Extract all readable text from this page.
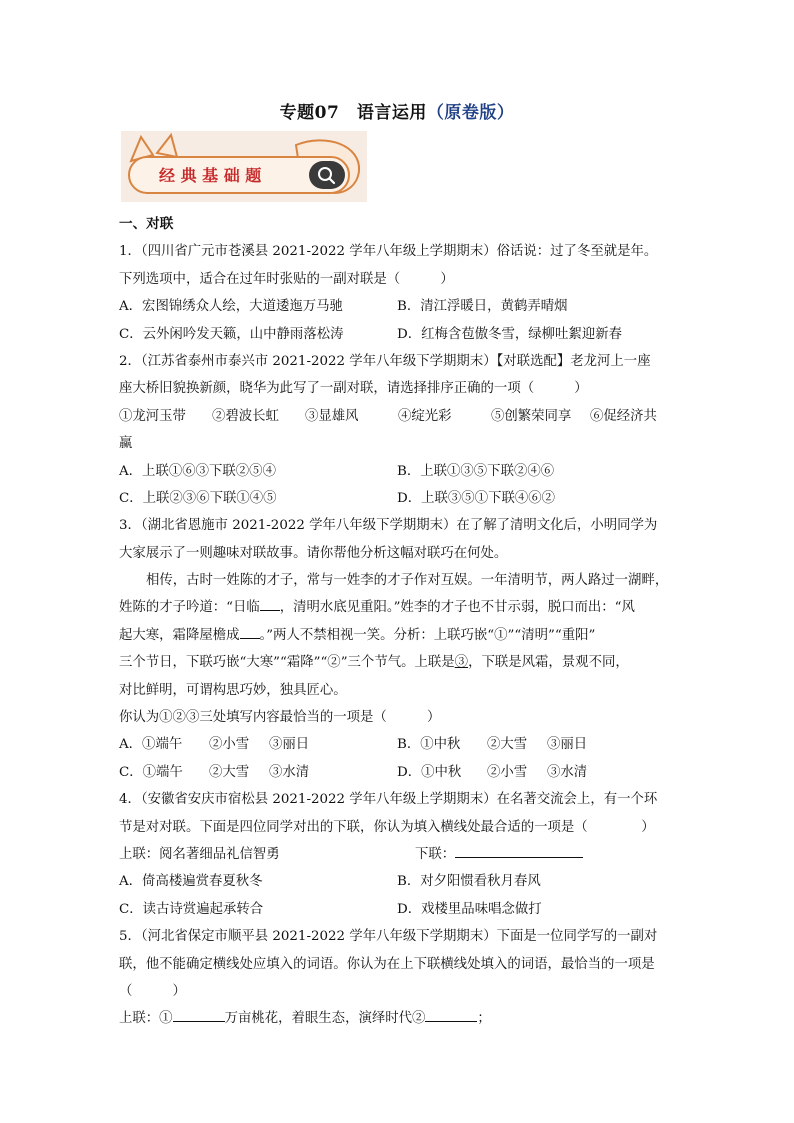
专题07　语言运用（原卷版）
经 典 基 础 题
一、对联
1．（四川省广元市苍溪县 2021-2022 学年八年级上学期期末）俗话说：过了冬至就是年。
下列选项中，适合在过年时张贴的一副对联是（　　　）
A．宏图锦绣众人绘，大道逶迤万马驰	B．清江浮暖日，黄鹤弄晴烟
C．云外闲吟发天籁，山中静雨落松涛	D．红梅含苞傲冬雪，绿柳吐絮迎新春
2．（江苏省泰州市泰兴市 2021-2022 学年八年级下学期期末）【对联选配】老龙河上一座
座大桥旧貌换新颜，晓华为此写了一副对联，请选择排序正确的一项（　　　）
①龙河玉带 ②碧波长虹 ③显雄风	④绽光彩	⑤创繁荣同享 ⑥促经济共
赢
A．上联①⑥③下联②⑤④	B．上联①③⑤下联②④⑥
C．上联②③⑥下联①④⑤	D．上联③⑤①下联④⑥②
3．（湖北省恩施市 2021-2022 学年八年级下学期期末）在了解了清明文化后，小明同学为
大家展示了一则趣味对联故事。请你帮他分析这幅对联巧在何处。
相传，古时一姓陈的才子，常与一姓李的才子作对互娱。一年清明节，两人路过一湖畔，
姓陈的才子吟道：“日临 ，清明水底见重阳。”姓李的才子也不甘示弱，脱口而出：“风
起大寒，霜降屋檐成 。”两人不禁相视一笑。分析：上联巧嵌“①”“清明”“重阳”
三个节日，下联巧嵌“大寒”“霜降”“②”三个节气。上联是③，下联是风霜，景观不同，
对比鲜明，可谓构思巧妙，独具匠心。
你认为①②③三处填写内容最恰当的一项是（　　　）
A．①端午 ②小雪 ③丽日	B．①中秋 ②大雪 ③丽日
C．①端午 ②大雪 ③水清	D．①中秋 ②小雪 ③水清
4．（安徽省安庆市宿松县 2021-2022 学年八年级上学期期末）在名著交流会上，有一个环
节是对对联。下面是四位同学对出的下联，你认为填入横线处最合适的一项是（　　　　）
上联：阅名著细品礼信智勇	下联：
A．倚高楼遍赏春夏秋冬	B．对夕阳惯看秋月春风
C．读古诗赏遍起承转合	D．戏楼里品味唱念做打
5．（河北省保定市顺平县 2021-2022 学年八年级下学期期末）下面是一位同学写的一副对
联，他不能确定横线处应填入的词语。你认为在上下联横线处填入的词语，最恰当的一项是
（　　　）
上联：①	万亩桃花，着眼生态，演绎时代②	；
